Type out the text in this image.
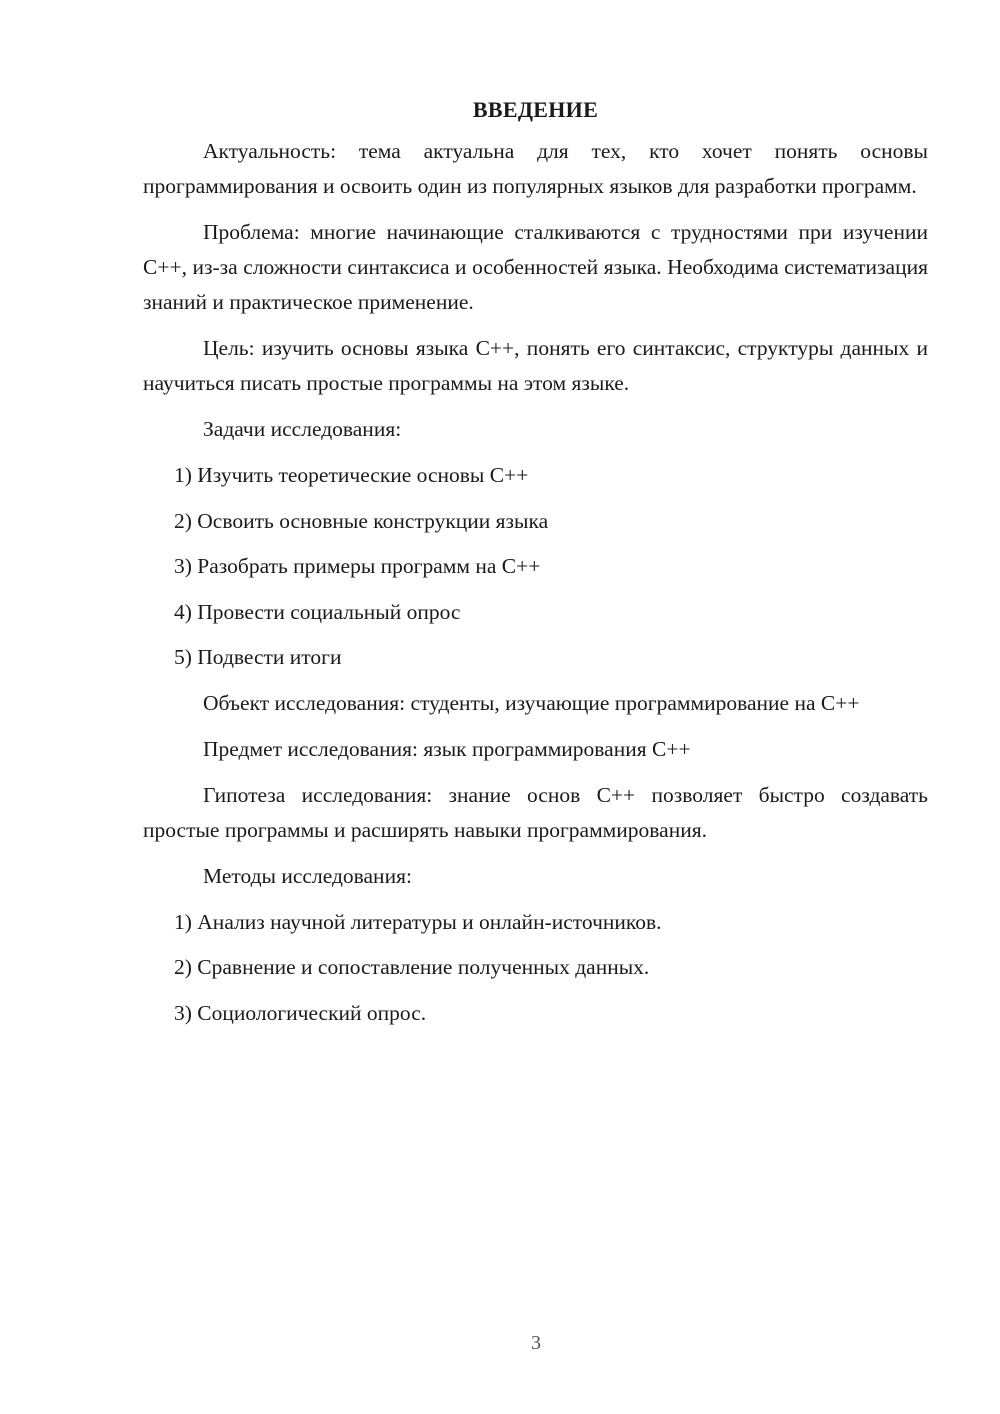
ВВЕДЕНИЕ

Актуальность: тема актуальна для тех, кто хочет понять основы программирования и освоить один из популярных языков для разработки программ.

Проблема: многие начинающие сталкиваются с трудностями при изучении C++, из-за сложности синтаксиса и особенностей языка. Необходима систематизация знаний и практическое применение.

Цель: изучить основы языка C++, понять его синтаксис, структуры данных и научиться писать простые программы на этом языке.

Задачи исследования:

1) Изучить теоретические основы C++
2) Освоить основные конструкции языка
3) Разобрать примеры программ на C++
4) Провести социальный опрос
5) Подвести итоги

Объект исследования: студенты, изучающие программирование на C++

Предмет исследования: язык программирования C++

Гипотеза исследования: знание основ C++ позволяет быстро создавать простые программы и расширять навыки программирования.

Методы исследования:

1) Анализ научной литературы и онлайн-источников.
2) Сравнение и сопоставление полученных данных.
3) Социологический опрос.
3
